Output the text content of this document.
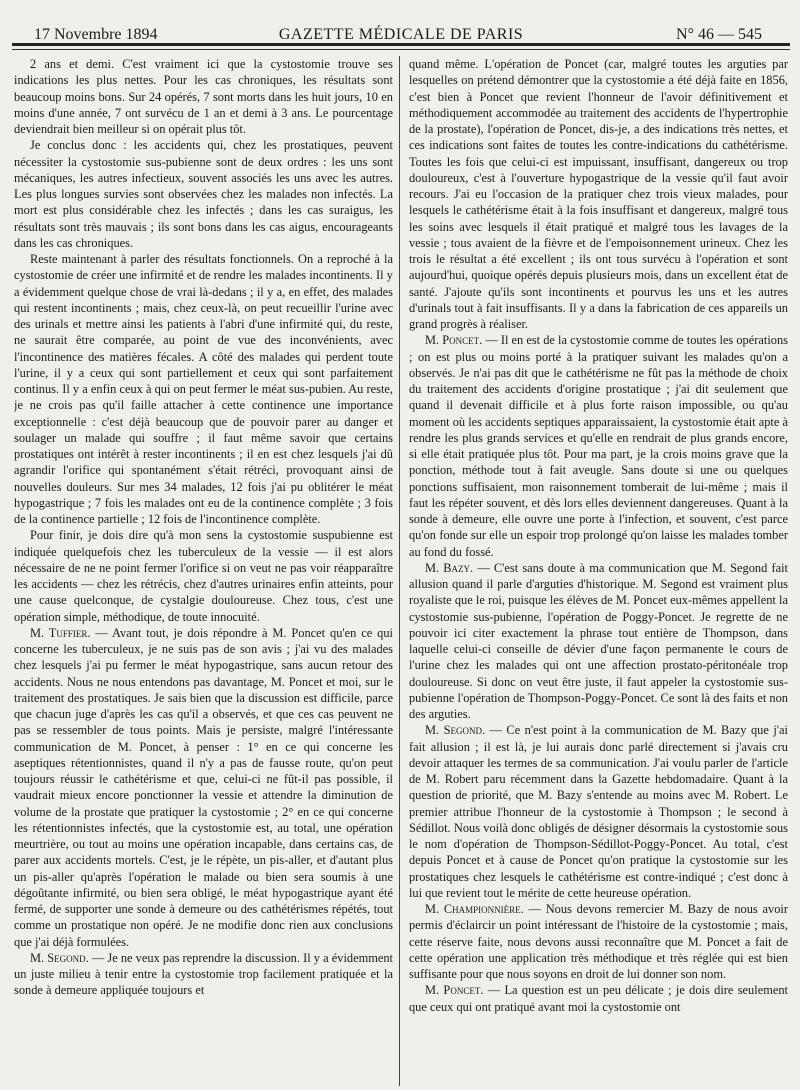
17 Novembre 1894	GAZETTE MÉDICALE DE PARIS	N° 46 — 545

2 ans et demi. C'est vraiment ici que la cystostomie trouve ses indications les plus nettes. Pour les cas chroniques, les résultats sont beaucoup moins bons. Sur 24 opérés, 7 sont morts dans les huit jours, 10 en moins d'une année, 7 ont survécu de 1 an et demi à 3 ans. Le pourcentage deviendrait bien meilleur si on opérait plus tôt.

Je conclus donc : les accidents qui, chez les prostatiques, peuvent nécessiter la cystostomie sus-pubienne sont de deux ordres : les uns sont mécaniques, les autres infectieux, souvent associés les uns avec les autres. Les plus longues survies sont observées chez les malades non infectés. La mort est plus considérable chez les infectés ; dans les cas suraigus, les résultats sont très mauvais ; ils sont bons dans les cas aigus, encourageants dans les cas chroniques.

Reste maintenant à parler des résultats fonctionnels. On a reproché à la cystostomie de créer une infirmité et de rendre les malades incontinents. Il y a évidemment quelque chose de vrai là-dedans ; il y a, en effet, des malades qui restent incontinents ; mais, chez ceux-là, on peut recueillir l'urine avec des urinals et mettre ainsi les patients à l'abri d'une infirmité qui, du reste, ne saurait être comparée, au point de vue des inconvénients, avec l'incontinence des matières fécales. A côté des malades qui perdent toute l'urine, il y a ceux qui sont partiellement et ceux qui sont parfaitement continus. Il y a enfin ceux à qui on peut fermer le méat sus-pubien. Au reste, je ne crois pas qu'il faille attacher à cette continence une importance exceptionnelle : c'est déjà beaucoup que de pouvoir parer au danger et soulager un malade qui souffre ; il faut même savoir que certains prostatiques ont intérêt à rester incontinents ; il en est chez lesquels j'ai dû agrandir l'orifice qui spontanément s'était rétréci, provoquant ainsi de nouvelles douleurs. Sur mes 34 malades, 12 fois j'ai pu oblitérer le méat hypogastrique ; 7 fois les malades ont eu de la continence complète ; 3 fois de la continence partielle ; 12 fois de l'incontinence complète.

Pour finir, je dois dire qu'à mon sens la cystostomie suspubienne est indiquée quelquefois chez les tuberculeux de la vessie — il est alors nécessaire de ne ne point fermer l'orifice si on veut ne pas voir réapparaître les accidents — chez les rétrécis, chez d'autres urinaires enfin atteints, pour une cause quelconque, de cystalgie douloureuse. Chez tous, c'est une opération simple, méthodique, de toute innocuité.

M. Tuffier. — Avant tout, je dois répondre à M. Poncet qu'en ce qui concerne les tuberculeux, je ne suis pas de son avis ; j'ai vu des malades chez lesquels j'ai pu fermer le méat hypogastrique, sans aucun retour des accidents. Nous ne nous entendons pas davantage, M. Poncet et moi, sur le traitement des prostatiques. Je sais bien que la discussion est difficile, parce que chacun juge d'après les cas qu'il a observés, et que ces cas peuvent ne pas se ressembler de tous points. Mais je persiste, malgré l'intéressante communication de M. Poncet, à penser : 1° en ce qui concerne les aseptiques rétentionnistes, quand il n'y a pas de fausse route, qu'on peut toujours réussir le cathétérisme et que, celui-ci ne fût-il pas possible, il vaudrait mieux encore ponctionner la vessie et attendre la diminution de volume de la prostate que pratiquer la cystostomie ; 2° en ce qui concerne les rétentionnistes infectés, que la cystostomie est, au total, une opération meurtrière, ou tout au moins une opération incapable, dans certains cas, de parer aux accidents mortels. C'est, je le répète, un pis-aller, et d'autant plus un pis-aller qu'après l'opération le malade ou bien sera soumis à une dégoûtante infirmité, ou bien sera obligé, le méat hypogastrique ayant été fermé, de supporter une sonde à demeure ou des cathétérismes répétés, tout comme un prostatique non opéré. Je ne modifie donc rien aux conclusions que j'ai déjà formulées.

M. Segond. — Je ne veux pas reprendre la discussion. Il y a évidemment un juste milieu à tenir entre la cystostomie trop facilement pratiquée et la sonde à demeure appliquée toujours et

quand même. L'opération de Poncet (car, malgré toutes les arguties par lesquelles on prétend démontrer que la cystostomie a été déjà faite en 1856, c'est bien à Poncet que revient l'honneur de l'avoir définitivement et méthodiquement accommodée au traitement des accidents de l'hypertrophie de la prostate), l'opération de Poncet, dis-je, a des indications très nettes, et ces indications sont faites de toutes les contre-indications du cathétérisme. Toutes les fois que celui-ci est impuissant, insuffisant, dangereux ou trop douloureux, c'est à l'ouverture hypogastrique de la vessie qu'il faut avoir recours. J'ai eu l'occasion de la pratiquer chez trois vieux malades, pour lesquels le cathétérisme était à la fois insuffisant et dangereux, malgré tous les soins avec lesquels il était pratiqué et malgré tous les lavages de la vessie ; tous avaient de la fièvre et de l'empoisonnement urineux. Chez les trois le résultat a été excellent ; ils ont tous survécu à l'opération et sont aujourd'hui, quoique opérés depuis plusieurs mois, dans un excellent état de santé. J'ajoute qu'ils sont incontinents et pourvus les uns et les autres d'urinals tout à fait insuffisants. Il y a dans la fabrication de ces appareils un grand progrès à réaliser.

M. Poncet. — Il en est de la cystostomie comme de toutes les opérations ; on est plus ou moins porté à la pratiquer suivant les malades qu'on a observés. Je n'ai pas dit que le cathétérisme ne fût pas la méthode de choix du traitement des accidents d'origine prostatique ; j'ai dit seulement que quand il devenait difficile et à plus forte raison impossible, ou qu'au moment où les accidents septiques apparaissaient, la cystostomie était apte à rendre les plus grands services et qu'elle en rendrait de plus grands encore, si elle était pratiquée plus tôt. Pour ma part, je la crois moins grave que la ponction, méthode tout à fait aveugle. Sans doute si une ou quelques ponctions suffisaient, mon raisonnement tomberait de lui-même ; mais il faut les répéter souvent, et dès lors elles deviennent dangereuses. Quant à la sonde à demeure, elle ouvre une porte à l'infection, et souvent, c'est parce qu'on fonde sur elle un espoir trop prolongé qu'on laisse les malades tomber au fond du fossé.

M. Bazy. — C'est sans doute à ma communication que M. Segond fait allusion quand il parle d'arguties d'historique. M. Segond est vraiment plus royaliste que le roi, puisque les élèves de M. Poncet eux-mêmes appellent la cystostomie sus-pubienne, l'opération de Poggy-Poncet. Je regrette de ne pouvoir ici citer exactement la phrase tout entière de Thompson, dans laquelle celui-ci conseille de dévier d'une façon permanente le cours de l'urine chez les malades qui ont une affection prostato-péritonéale trop douloureuse. Si donc on veut être juste, il faut appeler la cystostomie sus-pubienne l'opération de Thompson-Poggy-Poncet. Ce sont là des faits et non des arguties.

M. Segond. — Ce n'est point à la communication de M. Bazy que j'ai fait allusion ; il est là, je lui aurais donc parlé directement si j'avais cru devoir attaquer les termes de sa communication. J'ai voulu parler de l'article de M. Robert paru récemment dans la Gazette hebdomadaire. Quant à la question de priorité, que M. Bazy s'entende au moins avec M. Robert. Le premier attribue l'honneur de la cystostomie à Thompson ; le second à Sédillot. Nous voilà donc obligés de désigner désormais la cystostomie sous le nom d'opération de Thompson-Sédillot-Poggy-Poncet. Au total, c'est depuis Poncet et à cause de Poncet qu'on pratique la cystostomie sur les prostatiques chez lesquels le cathétérisme est contre-indiqué ; c'est donc à lui que revient tout le mérite de cette heureuse opération.

M. Championnière. — Nous devons remercier M. Bazy de nous avoir permis d'éclaircir un point intéressant de l'histoire de la cystostomie ; mais, cette réserve faite, nous devons aussi reconnaître que M. Poncet a fait de cette opération une application très méthodique et très réglée qui est bien suffisante pour que nous soyons en droit de lui donner son nom.

M. Poncet. — La question est un peu délicate ; je dois dire seulement que ceux qui ont pratiqué avant moi la cystostomie ont
